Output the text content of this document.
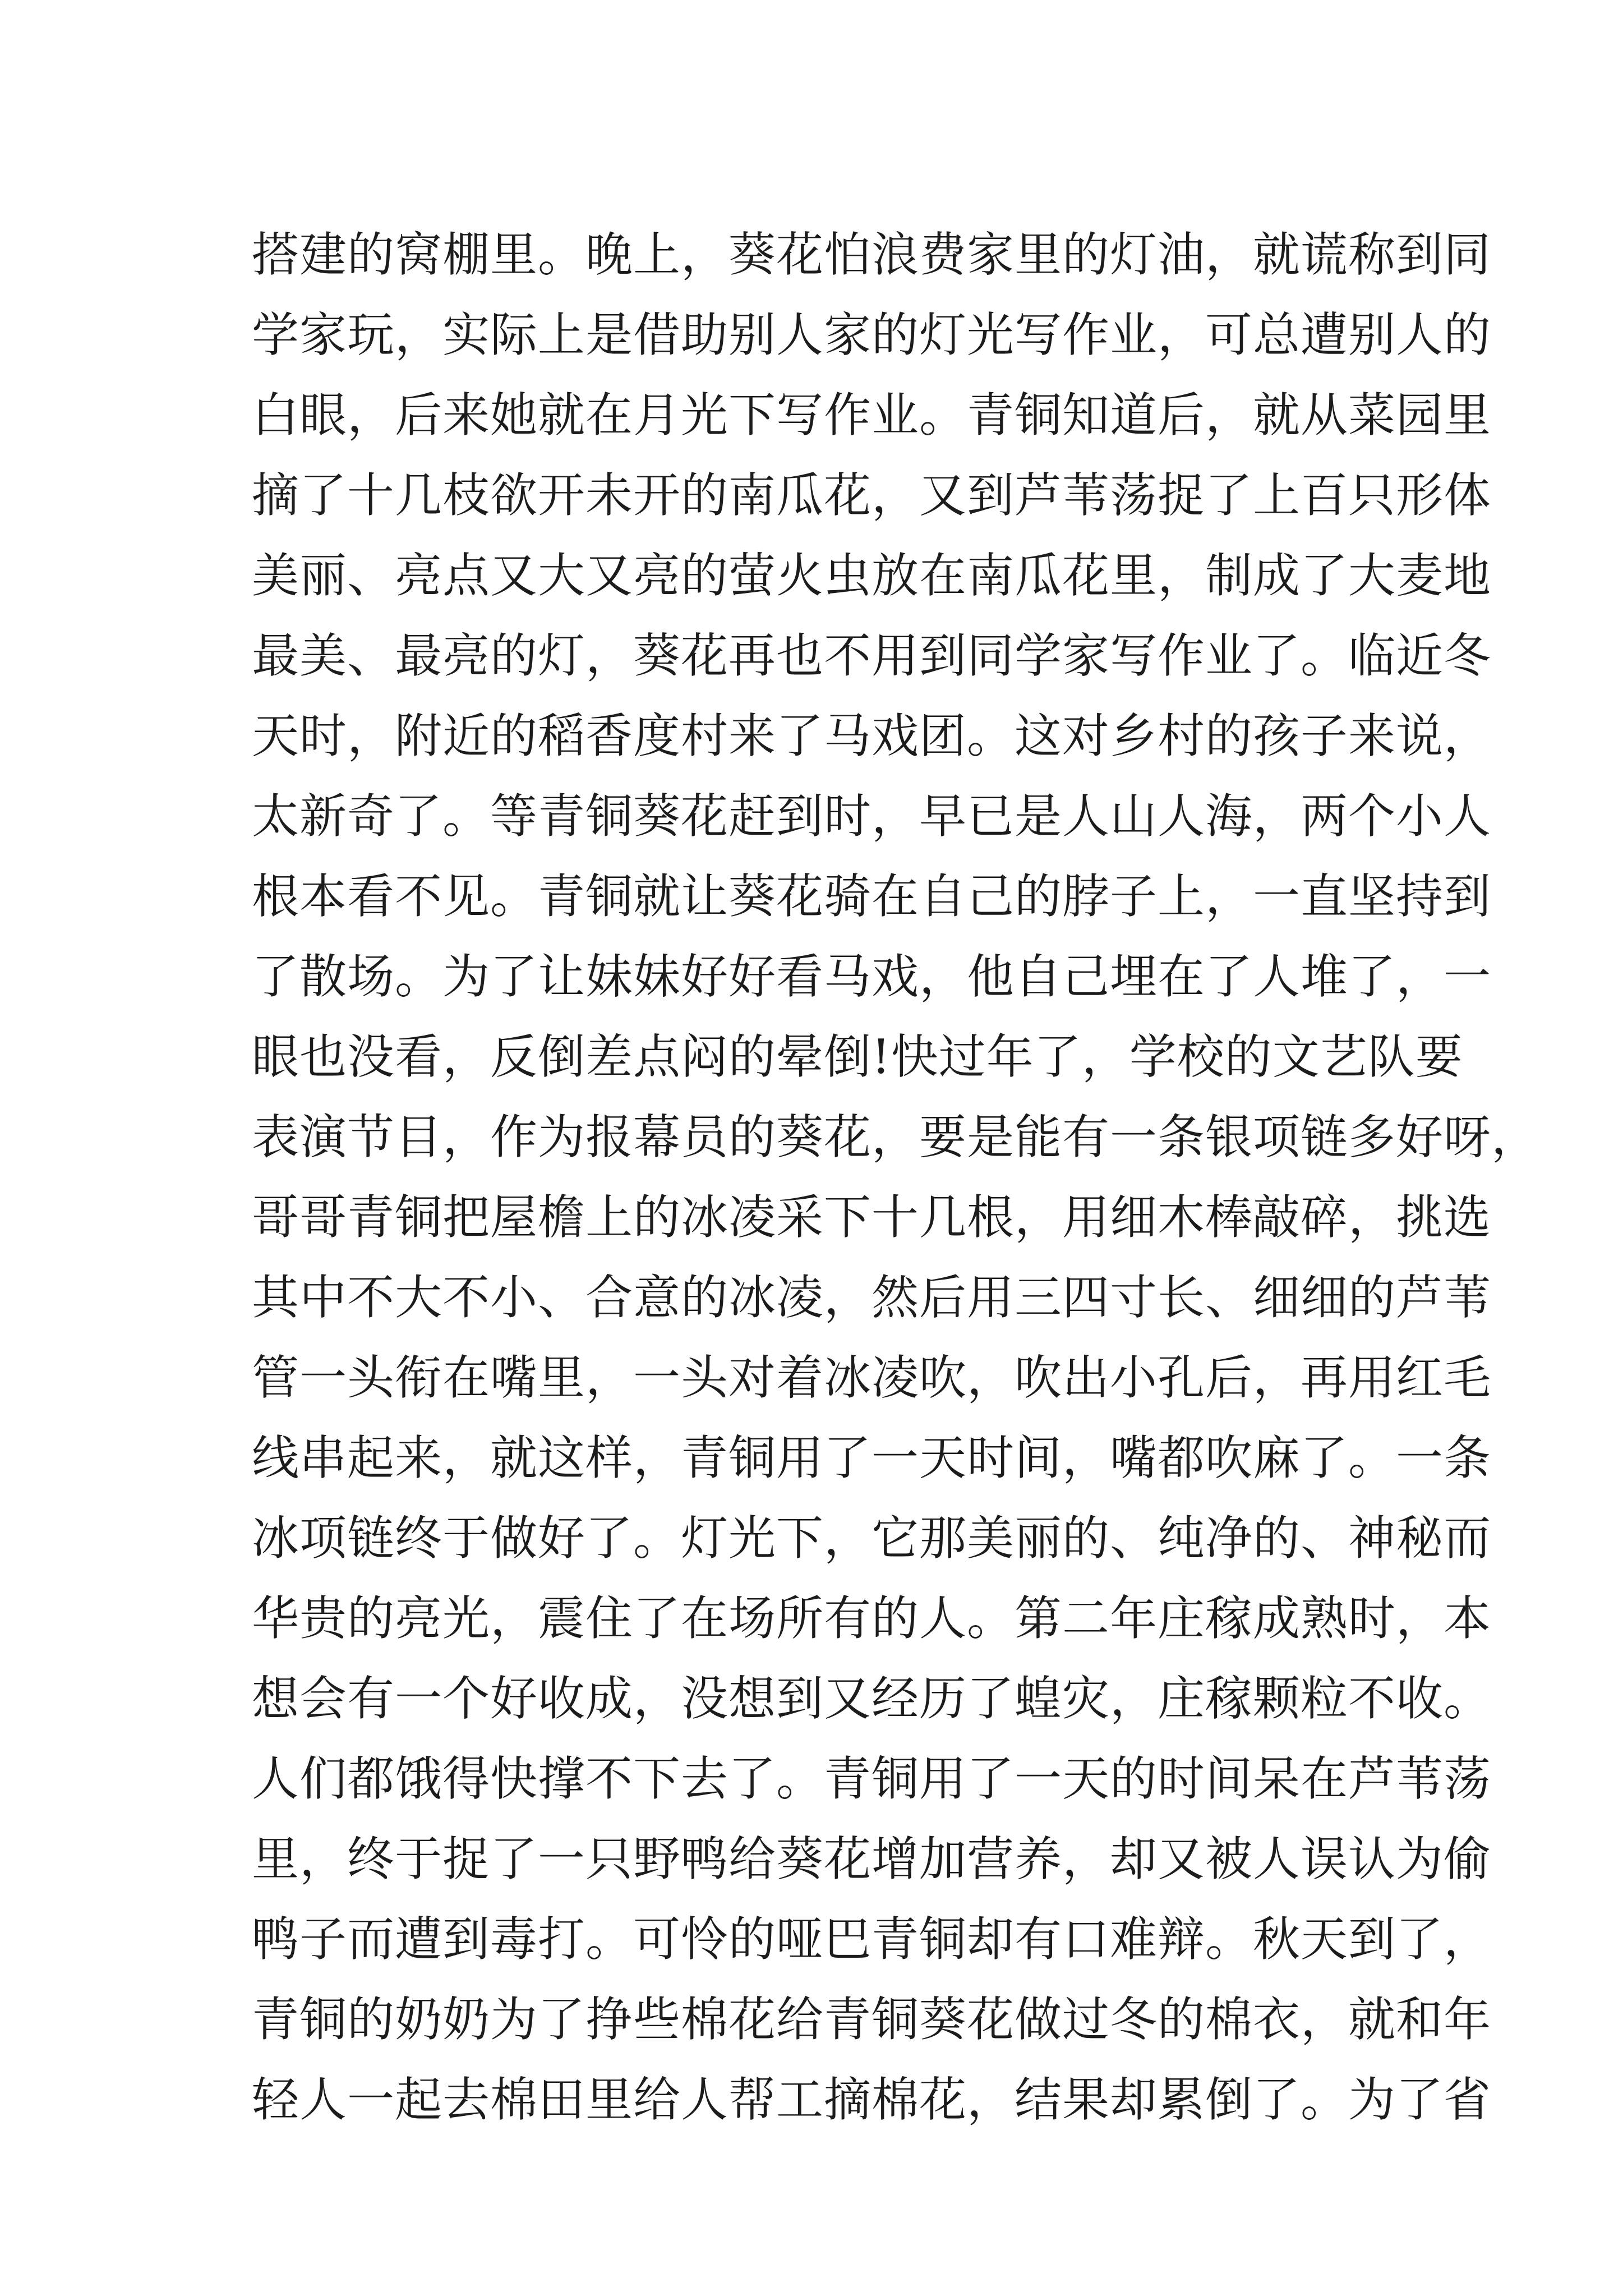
搭建的窝棚里。晚上，葵花怕浪费家里的灯油，就谎称到同
学家玩，实际上是借助别人家的灯光写作业，可总遭别人的
白眼，后来她就在月光下写作业。青铜知道后，就从菜园里
摘了十几枝欲开未开的南瓜花，又到芦苇荡捉了上百只形体
美丽、亮点又大又亮的萤火虫放在南瓜花里，制成了大麦地
最美、最亮的灯，葵花再也不用到同学家写作业了。临近冬
天时，附近的稻香度村来了马戏团。这对乡村的孩子来说，
太新奇了。等青铜葵花赶到时，早已是人山人海，两个小人
根本看不见。青铜就让葵花骑在自己的脖子上，一直坚持到
了散场。为了让妹妹好好看马戏，他自己埋在了人堆了，一
眼也没看，反倒差点闷的晕倒!快过年了，学校的文艺队要
表演节目，作为报幕员的葵花，要是能有一条银项链多好呀，
哥哥青铜把屋檐上的冰凌采下十几根，用细木棒敲碎，挑选
其中不大不小、合意的冰凌，然后用三四寸长、细细的芦苇
管一头衔在嘴里，一头对着冰凌吹，吹出小孔后，再用红毛
线串起来，就这样，青铜用了一天时间，嘴都吹麻了。一条
冰项链终于做好了。灯光下，它那美丽的、纯净的、神秘而
华贵的亮光，震住了在场所有的人。第二年庄稼成熟时，本
想会有一个好收成，没想到又经历了蝗灾，庄稼颗粒不收。
人们都饿得快撑不下去了。青铜用了一天的时间呆在芦苇荡
里，终于捉了一只野鸭给葵花增加营养，却又被人误认为偷
鸭子而遭到毒打。可怜的哑巴青铜却有口难辩。秋天到了，
青铜的奶奶为了挣些棉花给青铜葵花做过冬的棉衣，就和年
轻人一起去棉田里给人帮工摘棉花，结果却累倒了。为了省
